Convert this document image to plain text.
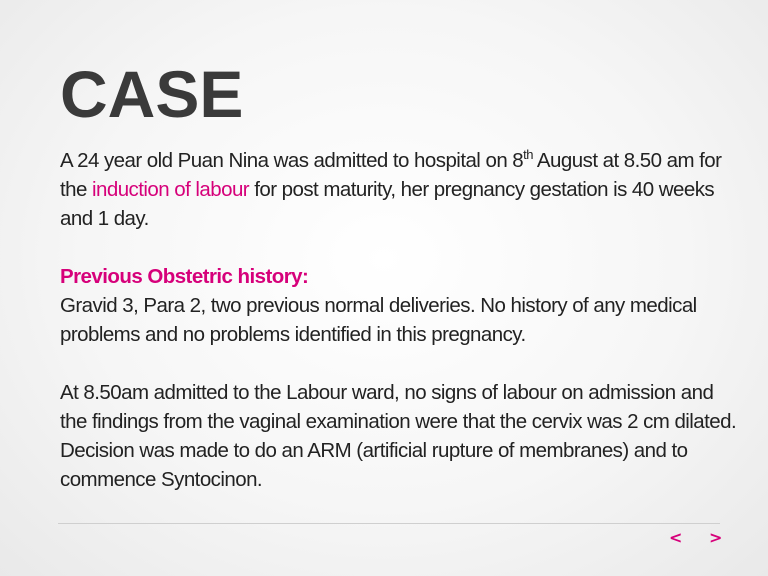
CASE

A 24 year old Puan Nina was admitted to hospital on 8th August at 8.50 am for the induction of labour for post maturity, her pregnancy gestation is 40 weeks and 1 day.

Previous Obstetric history:

Gravid 3, Para 2, two previous normal deliveries. No history of any medical problems and no problems identified in this pregnancy.

At 8.50am admitted to the Labour ward, no signs of labour on admission and the findings from the vaginal examination were that the cervix was 2 cm dilated. Decision was made to do an ARM (artificial rupture of membranes) and to commence Syntocinon.

<	>
